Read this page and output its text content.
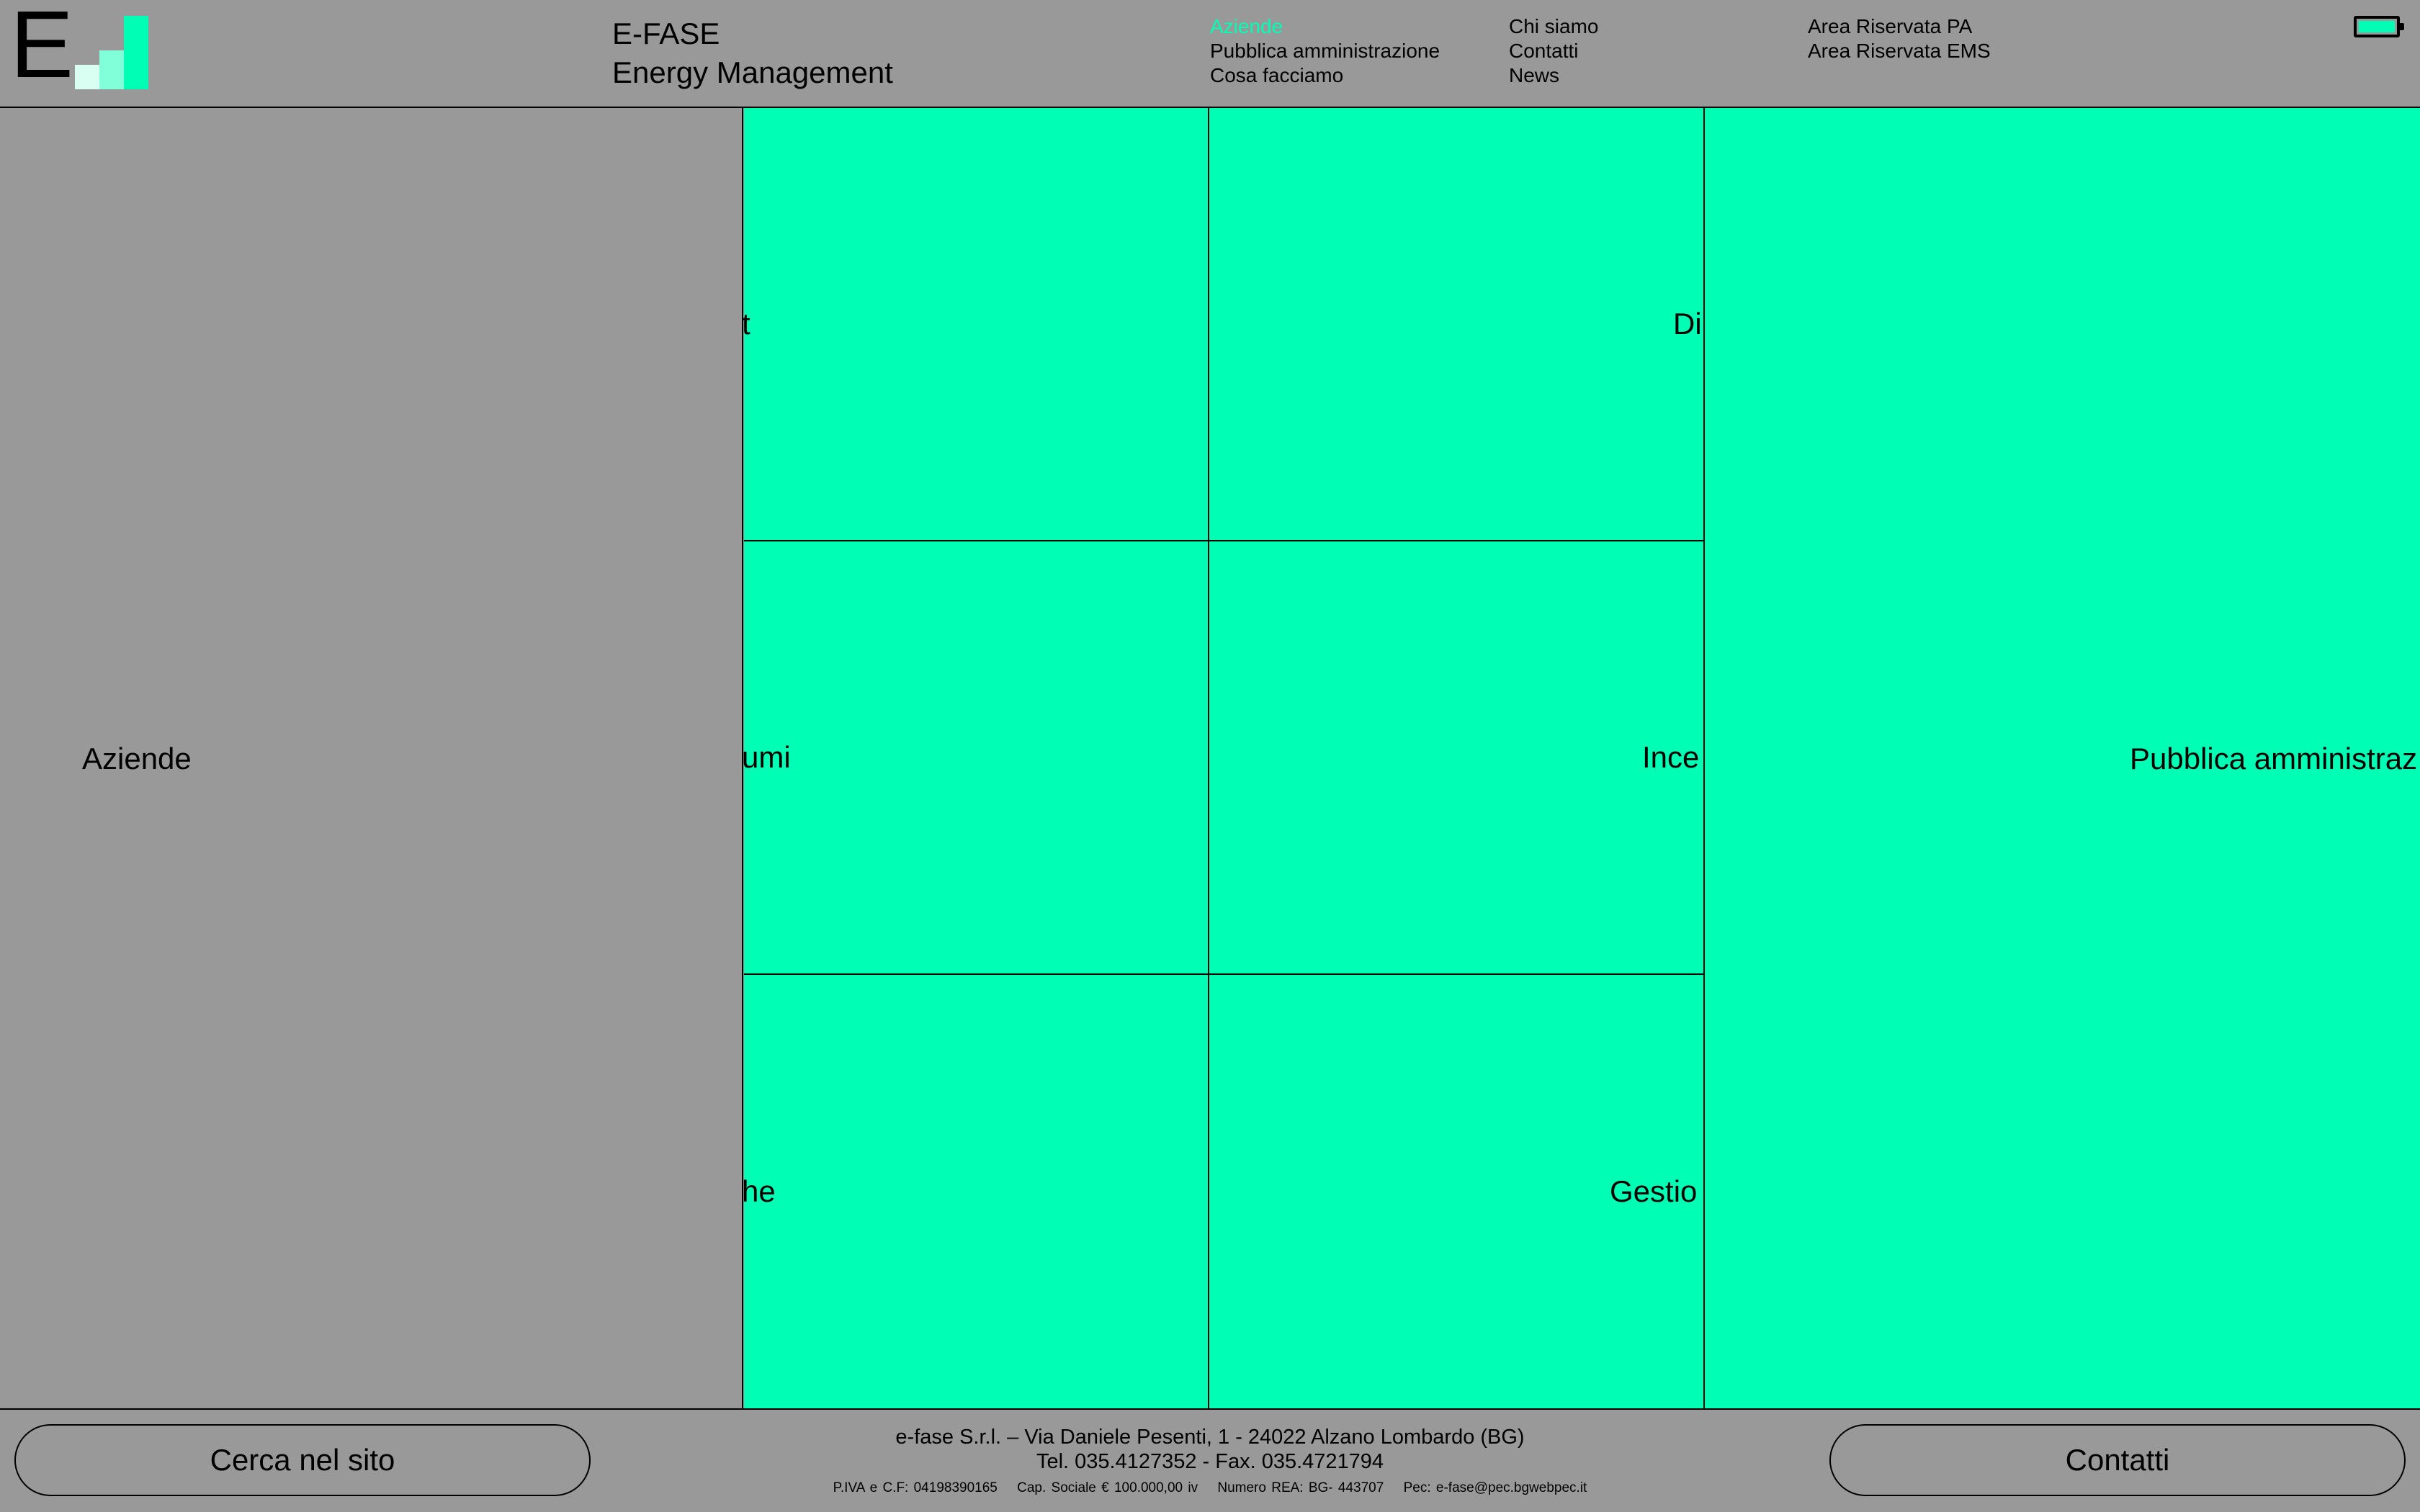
E	E-FASE
Energy Management
Aziende
Pubblica amministrazione
Cosa facciamo
Chi siamo
Contatti
News
Area Riservata PA
Area Riservata EMS
Aziende
t	Di
umi	Ince
he	Gestio
Pubblica amministraz
Cerca nel sito
e-fase S.r.l. – Via Daniele Pesenti, 1 - 24022 Alzano Lombardo (BG)
Tel. 035.4127352 - Fax. 035.4721794
P.IVA e C.F: 04198390165 Cap. Sociale € 100.000,00 iv Numero REA: BG- 443707 Pec: e-fase@pec.bgwebpec.it
Contatti
